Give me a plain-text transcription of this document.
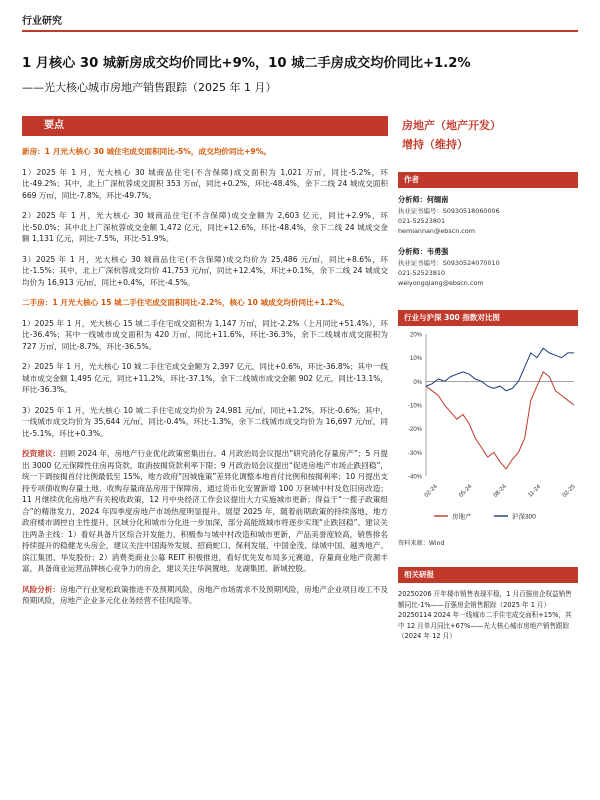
行业研究
1 月核心 30 城新房成交均价同比+9%，10 城二手房成交均价同比+1.2%
——光大核心城市房地产销售跟踪（2025 年 1 月）
要点
新房：1 月光大核心 30 城住宅成交面积同比-5%，成交均价同比+9%。
1）2025 年 1 月，光大核心 30 城商品住宅(不含保障)成交面积为 1,021 万㎡，同比-5.2%，环比-49.2%；其中，北上广深杭蓉成交面积 353 万㎡，同比+0.2%，环比-48.4%，余下二线 24 城成交面积 669 万㎡，同比-7.8%，环比-49.7%。
2）2025 年 1 月，光大核心 30 城商品住宅(不含保障)成交金额为 2,603 亿元，同比+2.9%，环比-50.0%；其中北上广深杭蓉成交金额 1,472 亿元，同比+12.6%，环比-48.4%，余下二线 24 城成交金额 1,131 亿元，同比-7.5%，环比-51.9%。
3）2025 年 1 月，光大核心 30 城商品住宅(不含保障)成交均价为 25,486 元/㎡，同比+8.6%，环比-1.5%；其中，北上广深杭蓉成交均价 41,753 元/㎡，同比+12.4%，环比+0.1%，余下二线 24 城成交均价为 16,913 元/㎡，同比+0.4%，环比-4.5%。
二手房：1 月光大核心 15 城二手住宅成交面积同比-2.2%，核心 10 城成交均价同比+1.2%。
1）2025 年 1 月，光大核心 15 城二手住宅成交面积为 1,147 万㎡，同比-2.2%（上月同比+51.4%），环比-36.4%；其中一线城市成交面积为 420 万㎡，同比+11.6%，环比-36.3%，余下二线城市成交面积为 727 万㎡，同比-8.7%，环比-36.5%。
2）2025 年 1 月，光大核心 10 城二手住宅成交金额为 2,397 亿元，同比+0.6%，环比-36.8%；其中一线城市成交金额 1,495 亿元，同比+11.2%，环比-37.1%，余下二线城市成交金额 902 亿元，同比-13.1%，环比-36.3%。
3）2025 年 1 月，光大核心 10 城二手住宅成交均价为 24,981 元/㎡，同比+1.2%，环比-0.6%；其中，一线城市成交均价为 35,644 元/㎡，同比-0.4%，环比-1.3%，余下二线城市成交均价为 16,697 元/㎡，同比-5.1%，环比+0.3%。
投资建议：回顾 2024 年，房地产行业优化政策密集出台。4 月政治局会议提出“研究消化存量房产”；5 月提出 3000 亿元保障性住房再贷款，取消按揭贷款利率下限；9 月政治局会议提出“促进房地产市场止跌回稳”，统一下调按揭首付比例最低至 15%，地方政府“因城施策”差异化调整本地首付比例和按揭利率；10 月提出支持专项债收购存量土地、收购存量商品房用于保障房，通过货币化安置新增 100 万套城中村及危旧房改造；11 月继续优化房地产有关税收政策，12 月中央经济工作会议提出大力实施城市更新；得益于“一揽子政策组合”的精准发力，2024 年四季度房地产市场热度明显提升。展望 2025 年，随着前期政策的持续落地，地方政府楼市调控自主性提升，区域分化和城市分化进一步加深，部分高能级城市将逐步实现“止跌回稳”。建议关注两条主线：1）看好具备片区综合开发能力，积极参与城中村改造和城市更新，产品美誉度较高，销售排名持续提升的稳健龙头房企，建议关注中国海外发展、招商蛇口、保利发展、中国金茂、绿城中国、越秀地产、滨江集团、华发股份；2）消费类商业公募 REIT 积极推进，看好优先发布局多元赛道，存量商业地产资源丰富，具备商业运营品牌核心竞争力的房企，建议关注华润置地、龙湖集团、新城控股。
风险分析：房地产行业宽松政策推进不及预期风险，房地产市场需求不及预期风险，房地产企业项目竣工不及预期风险，房地产企业多元化业务经营不佳风险等。
房地产（地产开发）
增持（维持）
作者
分析师：何缅南
执业证书编号：S0930518060006
021-52523801
hemiannan@ebscn.com
分析师：韦勇强
执业证书编号：S0930524070010
021-52523810
weiyongqiang@ebscn.com
行业与沪深 300 指数对比图
20%
10%
0%
-10%
-20%
-30%
-40%
02-24	05-24	08-24	11-24	02-25
房地产	沪深300
资料来源：Wind
相关研报
20250206 开年楼市销售表现平稳，1 月百强房企权益销售额同比-1%——百强房企销售跟踪（2025 年 1 月）
20250114 2024 年一线城市二手住宅成交面积+15%，其中 12 月单月同比+67%——光大核心城市房地产销售跟踪（2024 年 12 月）
